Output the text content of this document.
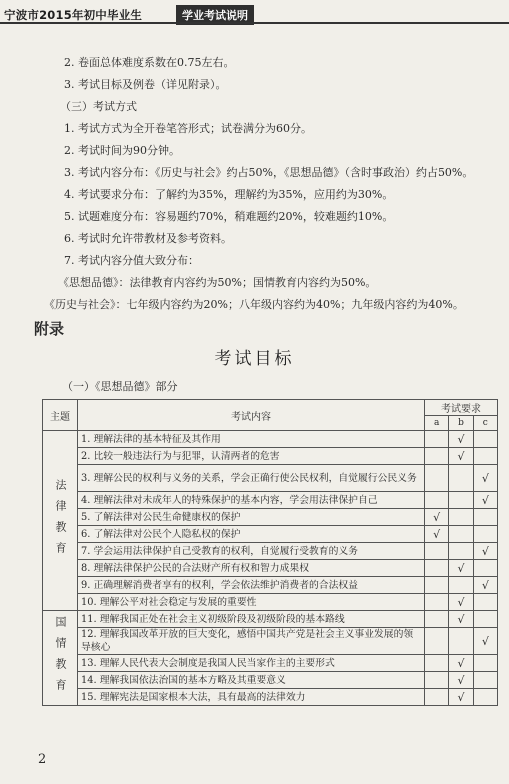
宁波市2015年初中毕业生	学业考试说明
2. 卷面总体难度系数在0.75左右。
3. 考试目标及例卷（详见附录）。
（三）考试方式
1. 考试方式为全开卷笔答形式；试卷满分为60分。
2. 考试时间为90分钟。
3. 考试内容分布：《历史与社会》约占50%，《思想品德》（含时事政治）约占50%。
4. 考试要求分布：了解约为35%，理解约为35%，应用约为30%。
5. 试题难度分布：容易题约70%，稍难题约20%，较难题约10%。
6. 考试时允许带教材及参考资料。
7. 考试内容分值大致分布：
《思想品德》：法律教育内容约为50%；国情教育内容约为50%。
《历史与社会》：七年级内容约为20%；八年级内容约为40%；九年级内容约为40%。
附录
考试目标
（一）《思想品德》部分
主题	考试内容	考试要求		
		a	b	c
法律教育	1. 理解法律的基本特征及其作用		√	
	2. 比较一般违法行为与犯罪，认清两者的危害		√	
	3. 理解公民的权利与义务的关系，学会正确行使公民权利，自觉履行公民义务			√
	4. 理解法律对未成年人的特殊保护的基本内容，学会用法律保护自己			√
	5. 了解法律对公民生命健康权的保护	√		
	6. 了解法律对公民个人隐私权的保护	√		
	7. 学会运用法律保护自己受教育的权利，自觉履行受教育的义务			√
	8. 理解法律保护公民的合法财产所有权和智力成果权		√	
	9. 正确理解消费者享有的权利，学会依法维护消费者的合法权益			√
	10. 理解公平对社会稳定与发展的重要性		√	
国情教育	11. 理解我国正处在社会主义初级阶段及初级阶段的基本路线		√	
	12. 理解我国改革开放的巨大变化，感悟中国共产党是社会主义事业发展的领导核心			√
	13. 理解人民代表大会制度是我国人民当家作主的主要形式		√	
	14. 理解我国依法治国的基本方略及其重要意义		√	
	15. 理解宪法是国家根本大法，具有最高的法律效力		√	
2
